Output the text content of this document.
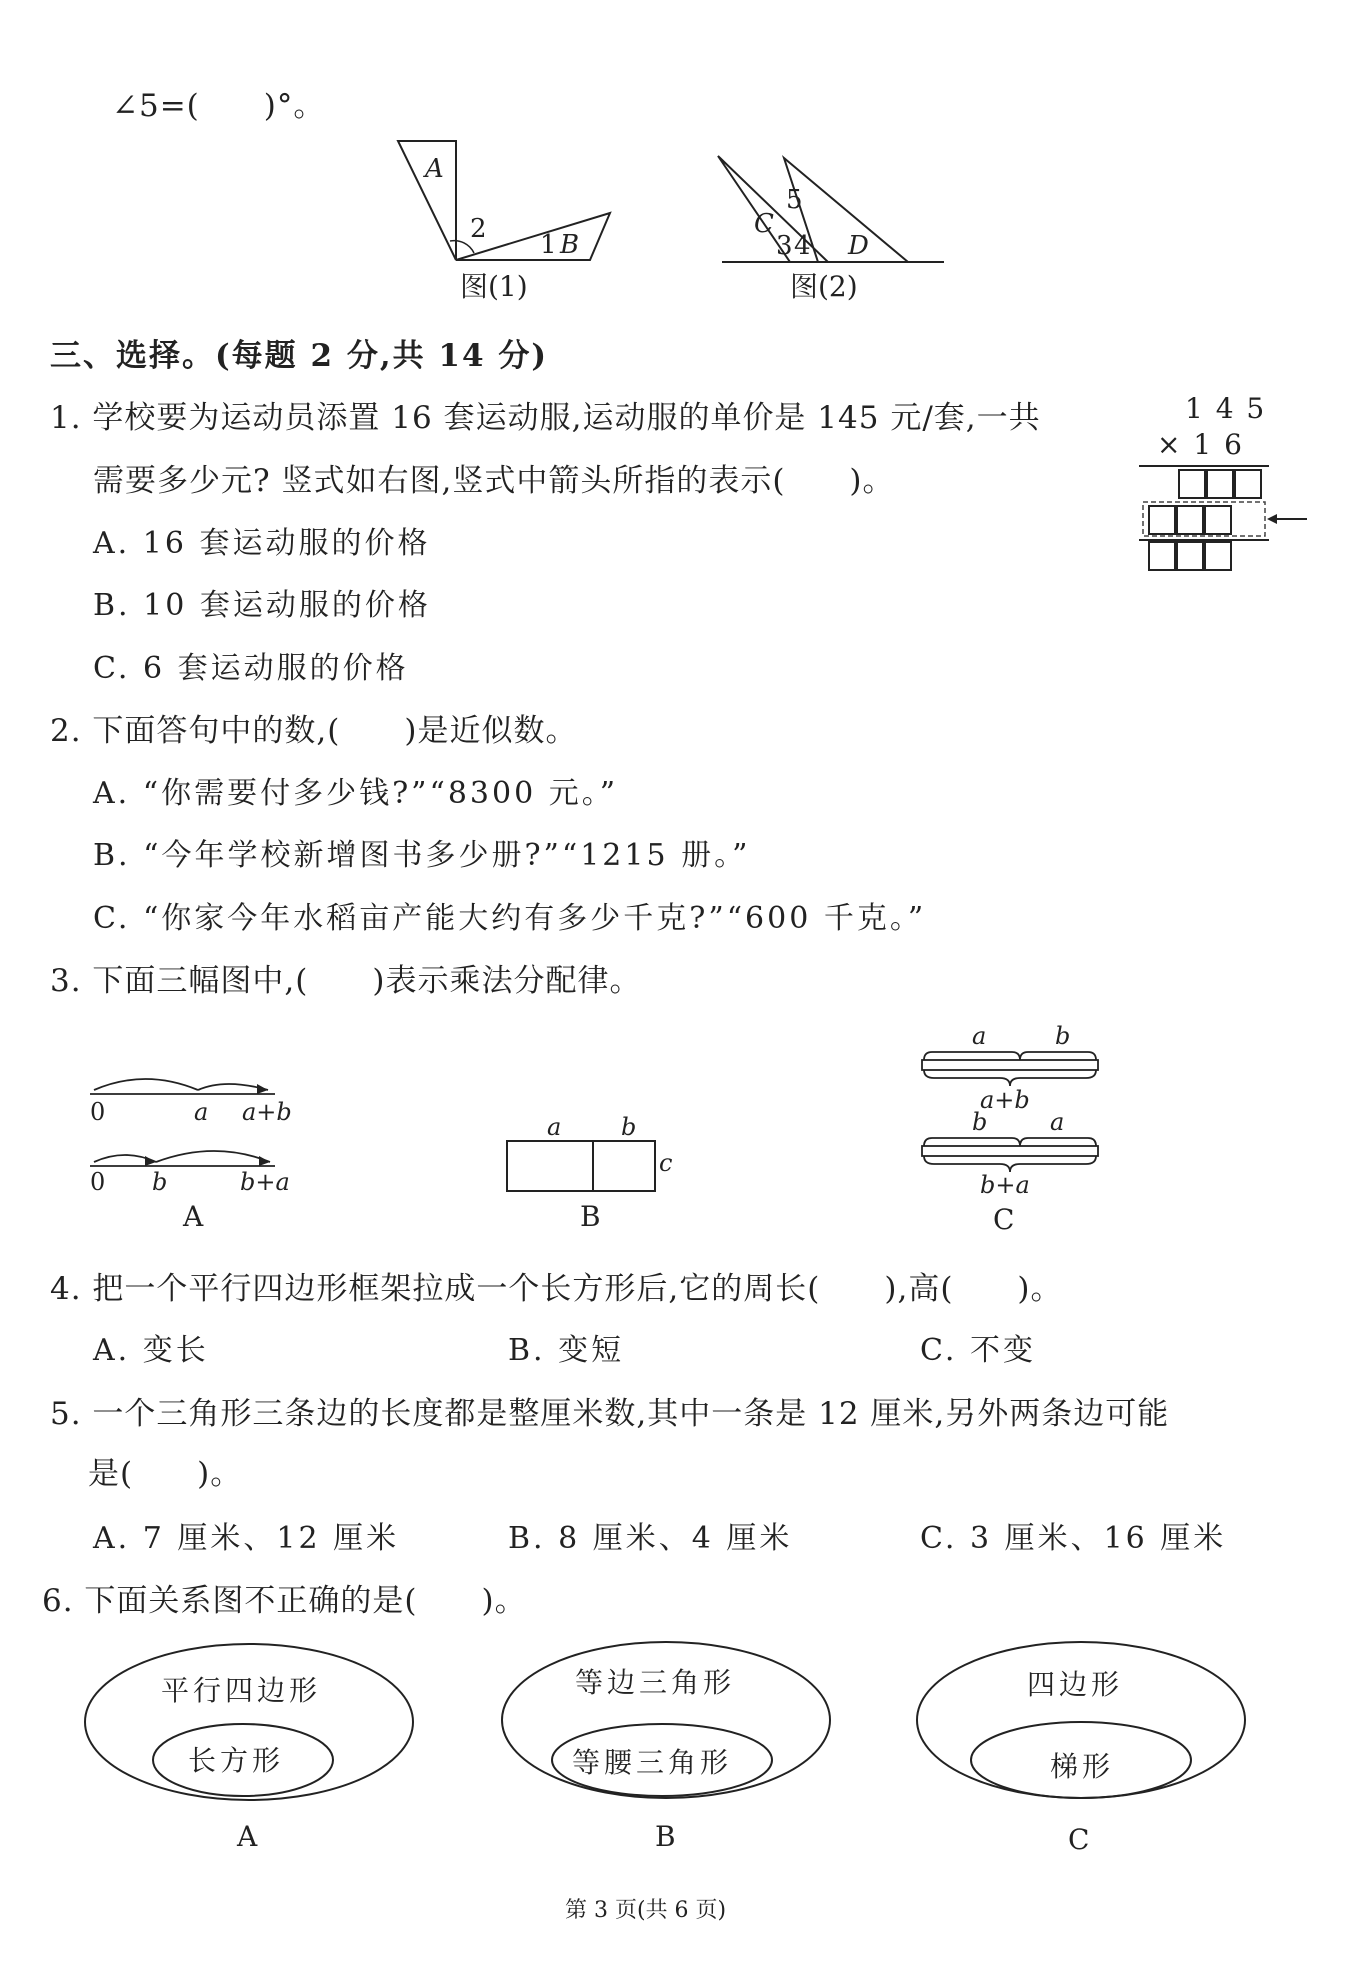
∠5=(　　)°。
A
2
1 B
图(1)
5
C
3 4 D
图(2)
三、选择。(每题 2 分,共 14 分)
1. 学校要为运动员添置 16 套运动服,运动服的单价是 145 元/套,一共
需要多少元? 竖式如右图,竖式中箭头所指的表示(　　)。
A. 16 套运动服的价格
B. 10 套运动服的价格
C. 6 套运动服的价格
1 4 5
× 1 6
2. 下面答句中的数,(　　)是近似数。
A. “你需要付多少钱?”“8300 元。”
B. “今年学校新增图书多少册?”“1215 册。”
C. “你家今年水稻亩产能大约有多少千克?”“600 千克。”
3. 下面三幅图中,(　　)表示乘法分配律。
0	a a+b
0 b	b+a
A
a b
c
B
a	b
a+b
b	a
b+a
C
4. 把一个平行四边形框架拉成一个长方形后,它的周长(　　),高(　　)。
A. 变长	B. 变短	C. 不变
5. 一个三角形三条边的长度都是整厘米数,其中一条是 12 厘米,另外两条边可能
是(　　)。
A. 7 厘米、12 厘米	B. 8 厘米、4 厘米	C. 3 厘米、16 厘米
6. 下面关系图不正确的是(　　)。
平行四边形
长方形
A
等边三角形
等腰三角形
B
四边形
梯形
C
第 3 页(共 6 页)
